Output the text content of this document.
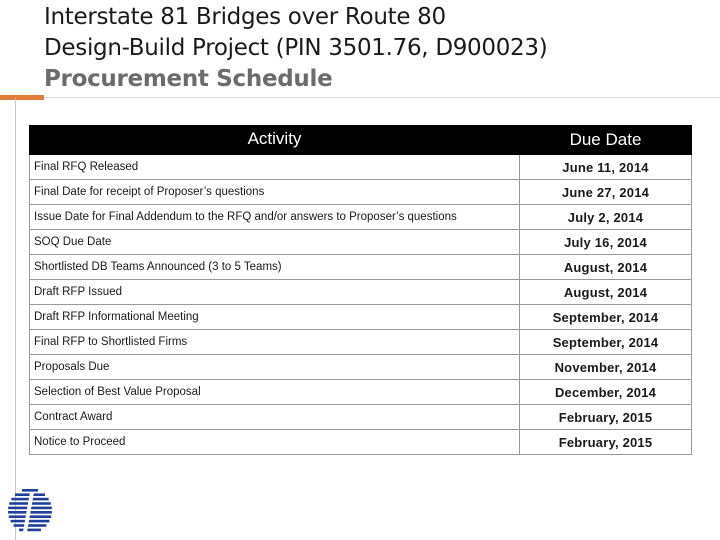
Interstate 81 Bridges over Route 80
Design-Build Project (PIN 3501.76, D900023)
Procurement Schedule
Activity	Due Date
Final RFQ Released	June 11, 2014
Final Date for receipt of Proposer’s questions	June 27, 2014
Issue Date for Final Addendum to the RFQ and/or answers to Proposer’s questions	July 2, 2014
SOQ Due Date	July 16, 2014
Shortlisted DB Teams Announced (3 to 5 Teams)	August, 2014
Draft RFP Issued	August, 2014
Draft RFP Informational Meeting	September, 2014
Final RFP to Shortlisted Firms	September, 2014
Proposals Due	November, 2014
Selection of Best Value Proposal	December, 2014
Contract Award	February, 2015
Notice to Proceed	February, 2015
